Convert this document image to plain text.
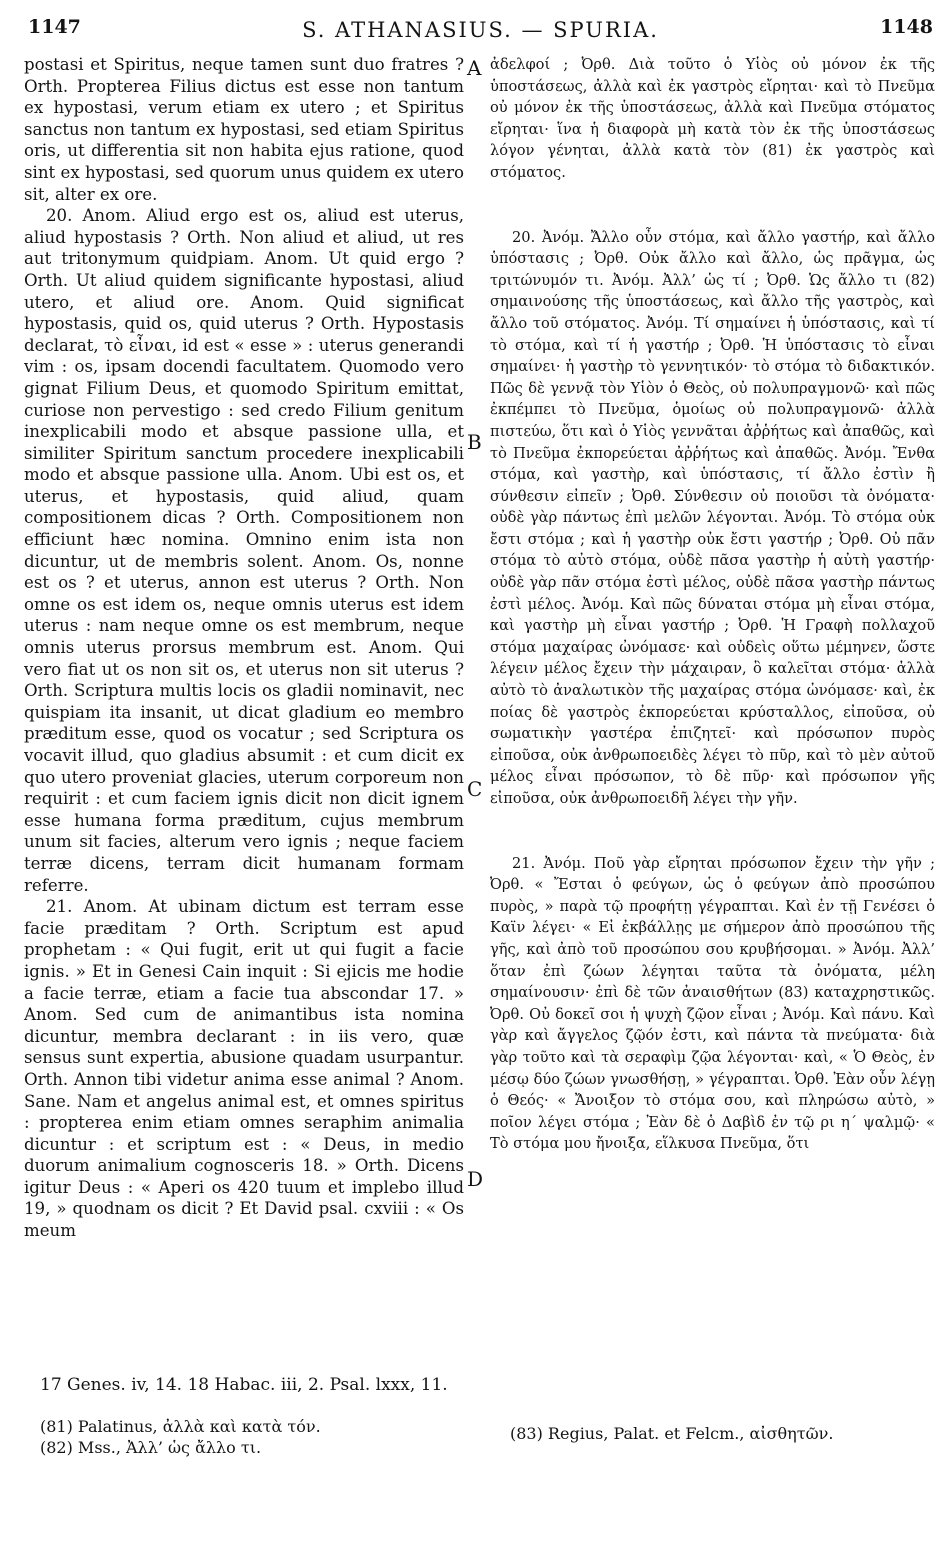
1147	S. ATHANASIUS. — SPURIA.	1148

postasi et Spiritus, neque tamen sunt duo fratres ? Orth. Propterea Filius dictus est esse non tantum ex hypostasi, verum etiam ex utero ; et Spiritus sanctus non tantum ex hypostasi, sed etiam Spiritus oris, ut differentia sit non habita ejus ratione, quod sint ex hypostasi, sed quorum unus quidem ex utero sit, alter ex ore.

20. Anom. Aliud ergo est os, aliud est uterus, aliud hypostasis ? Orth. Non aliud et aliud, ut res aut tritonymum quidpiam. Anom. Ut quid ergo ? Orth. Ut aliud quidem significante hypostasi, aliud utero, et aliud ore. Anom. Quid significat hypostasis, quid os, quid uterus ? Orth. Hypostasis declarat, τὸ εἶναι, id est « esse » : uterus generandi vim : os, ipsam docendi facultatem. Quomodo vero gignat Filium Deus, et quomodo Spiritum emittat, curiose non pervestigo : sed credo Filium genitum inexplicabili modo et absque passione ulla, et similiter Spiritum sanctum procedere inexplicabili modo et absque passione ulla. Anom. Ubi est os, et uterus, et hypostasis, quid aliud, quam compositionem dicas ? Orth. Compositionem non efficiunt hæc nomina. Omnino enim ista non dicuntur, ut de membris solent. Anom. Os, nonne est os ? et uterus, annon est uterus ? Orth. Non omne os est idem os, neque omnis uterus est idem uterus : nam neque omne os est membrum, neque omnis uterus prorsus membrum est. Anom. Qui vero fiat ut os non sit os, et uterus non sit uterus ? Orth. Scriptura multis locis os gladii nominavit, nec quispiam ita insanit, ut dicat gladium eo membro præditum esse, quod os vocatur ; sed Scriptura os vocavit illud, quo gladius absumit : et cum dicit ex quo utero proveniat glacies, uterum corporeum non requirit : et cum faciem ignis dicit non dicit ignem esse humana forma præditum, cujus membrum unum sit facies, alterum vero ignis ; neque faciem terræ dicens, terram dicit humanam formam referre.

21. Anom. At ubinam dictum est terram esse facie præditam ? Orth. Scriptum est apud prophetam : « Qui fugit, erit ut qui fugit a facie ignis. » Et in Genesi Cain inquit : Si ejicis me hodie a facie terræ, etiam a facie tua abscondar 17. » Anom. Sed cum de animantibus ista nomina dicuntur, membra declarant : in iis vero, quæ sensus sunt expertia, abusione quadam usurpantur. Orth. Annon tibi videtur anima esse animal ? Anom. Sane. Nam et angelus animal est, et omnes spiritus : propterea enim etiam omnes seraphim animalia dicuntur : et scriptum est : « Deus, in medio duorum animalium cognosceris 18. » Orth. Dicens igitur Deus : « Aperi os 420 tuum et implebo illud 19, » quodnam os dicit ? Et David psal. cxviii : « Os meum

ἀδελφοί ; Ὀρθ. Διὰ τοῦτο ὁ Υἱὸς οὐ μόνον ἐκ τῆς ὑποστάσεως, ἀλλὰ καὶ ἐκ γαστρὸς εἴρηται· καὶ τὸ Πνεῦμα οὐ μόνον ἐκ τῆς ὑποστάσεως, ἀλλὰ καὶ Πνεῦμα στόματος εἴρηται· ἵνα ἡ διαφορὰ μὴ κατὰ τὸν ἐκ τῆς ὑποστάσεως λόγον γένηται, ἀλλὰ κατὰ τὸν (81) ἐκ γαστρὸς καὶ στόματος.

20. Ἀνόμ. Ἄλλο οὖν στόμα, καὶ ἄλλο γαστήρ, καὶ ἄλλο ὑπόστασις ; Ὀρθ. Οὐκ ἄλλο καὶ ἄλλο, ὡς πρᾶγμα, ὡς τριτώνυμόν τι. Ἀνόμ. Ἀλλ’ ὡς τί ; Ὀρθ. Ὡς ἄλλο τι (82) σημαινούσης τῆς ὑποστάσεως, καὶ ἄλλο τῆς γαστρὸς, καὶ ἄλλο τοῦ στόματος. Ἀνόμ. Τί σημαίνει ἡ ὑπόστασις, καὶ τί τὸ στόμα, καὶ τί ἡ γαστήρ ; Ὀρθ. Ἡ ὑπόστασις τὸ εἶναι σημαίνει· ἡ γαστὴρ τὸ γεννητικόν· τὸ στόμα τὸ διδακτικόν. Πῶς δὲ γεννᾷ τὸν Υἱὸν ὁ Θεὸς, οὐ πολυπραγμονῶ· καὶ πῶς ἐκπέμπει τὸ Πνεῦμα, ὁμοίως οὐ πολυπραγμονῶ· ἀλλὰ πιστεύω, ὅτι καὶ ὁ Υἱὸς γεννᾶται ἀῤῥήτως καὶ ἀπαθῶς, καὶ τὸ Πνεῦμα ἐκπορεύεται ἀῤῥήτως καὶ ἀπαθῶς. Ἀνόμ. Ἔνθα στόμα, καὶ γαστὴρ, καὶ ὑπόστασις, τί ἄλλο ἐστὶν ἢ σύνθεσιν εἰπεῖν ; Ὀρθ. Σύνθεσιν οὐ ποιοῦσι τὰ ὀνόματα· οὐδὲ γὰρ πάντως ἐπὶ μελῶν λέγονται. Ἀνόμ. Τὸ στόμα οὐκ ἔστι στόμα ; καὶ ἡ γαστὴρ οὐκ ἔστι γαστήρ ; Ὀρθ. Οὐ πᾶν στόμα τὸ αὐτὸ στόμα, οὐδὲ πᾶσα γαστὴρ ἡ αὐτὴ γαστήρ· οὐδὲ γὰρ πᾶν στόμα ἐστὶ μέλος, οὐδὲ πᾶσα γαστὴρ πάντως ἐστὶ μέλος. Ἀνόμ. Καὶ πῶς δύναται στόμα μὴ εἶναι στόμα, καὶ γαστὴρ μὴ εἶναι γαστήρ ; Ὀρθ. Ἡ Γραφὴ πολλαχοῦ στόμα μαχαίρας ὠνόμασε· καὶ οὐδεὶς οὕτω μέμηνεν, ὥστε λέγειν μέλος ἔχειν τὴν μάχαιραν, ὃ καλεῖται στόμα· ἀλλὰ αὐτὸ τὸ ἀναλωτικὸν τῆς μαχαίρας στόμα ὠνόμασε· καὶ, ἐκ ποίας δὲ γαστρὸς ἐκπορεύεται κρύσταλλος, εἰποῦσα, οὐ σωματικὴν γαστέρα ἐπιζητεῖ· καὶ πρόσωπον πυρὸς εἰποῦσα, οὐκ ἀνθρωποειδὲς λέγει τὸ πῦρ, καὶ τὸ μὲν αὐτοῦ μέλος εἶναι πρόσωπον, τὸ δὲ πῦρ· καὶ πρόσωπον γῆς εἰποῦσα, οὐκ ἀνθρωποειδῆ λέγει τὴν γῆν.

21. Ἀνόμ. Ποῦ γὰρ εἴρηται πρόσωπον ἔχειν τὴν γῆν ; Ὀρθ. « Ἔσται ὁ φεύγων, ὡς ὁ φεύγων ἀπὸ προσώπου πυρὸς, » παρὰ τῷ προφήτῃ γέγραπται. Καὶ ἐν τῇ Γενέσει ὁ Καϊν λέγει· « Εἰ ἐκβάλλῃς με σήμερον ἀπὸ προσώπου τῆς γῆς, καὶ ἀπὸ τοῦ προσώπου σου κρυβήσομαι. » Ἀνόμ. Ἀλλ’ ὅταν ἐπὶ ζώων λέγηται ταῦτα τὰ ὀνόματα, μέλη σημαίνουσιν· ἐπὶ δὲ τῶν ἀναισθήτων (83) καταχρηστικῶς. Ὀρθ. Οὐ δοκεῖ σοι ἡ ψυχὴ ζῷον εἶναι ; Ἀνόμ. Καὶ πάνυ. Καὶ γὰρ καὶ ἄγγελος ζῷόν ἐστι, καὶ πάντα τὰ πνεύματα· διὰ γὰρ τοῦτο καὶ τὰ σεραφὶμ ζῷα λέγονται· καὶ, « Ὁ Θεὸς, ἐν μέσῳ δύο ζώων γνωσθήσῃ, » γέγραπται. Ὀρθ. Ἐὰν οὖν λέγῃ ὁ Θεός· « Ἄνοιξον τὸ στόμα σου, καὶ πληρώσω αὐτὸ, » ποῖον λέγει στόμα ; Ἐὰν δὲ ὁ Δαβὶδ ἐν τῷ ρι η´ ψαλμῷ· « Τὸ στόμα μου ἤνοιξα, εἵλκυσα Πνεῦμα, ὅτι

A
B
C
D
17 Genes. iv, 14. 18 Habac. iii, 2. Psal. lxxx, 11.
(81) Palatinus, ἀλλὰ καὶ κατὰ τόν.
(82) Mss., Ἀλλ’ ὡς ἄλλο τι.
(83) Regius, Palat. et Felcm., αἰσθητῶν.
